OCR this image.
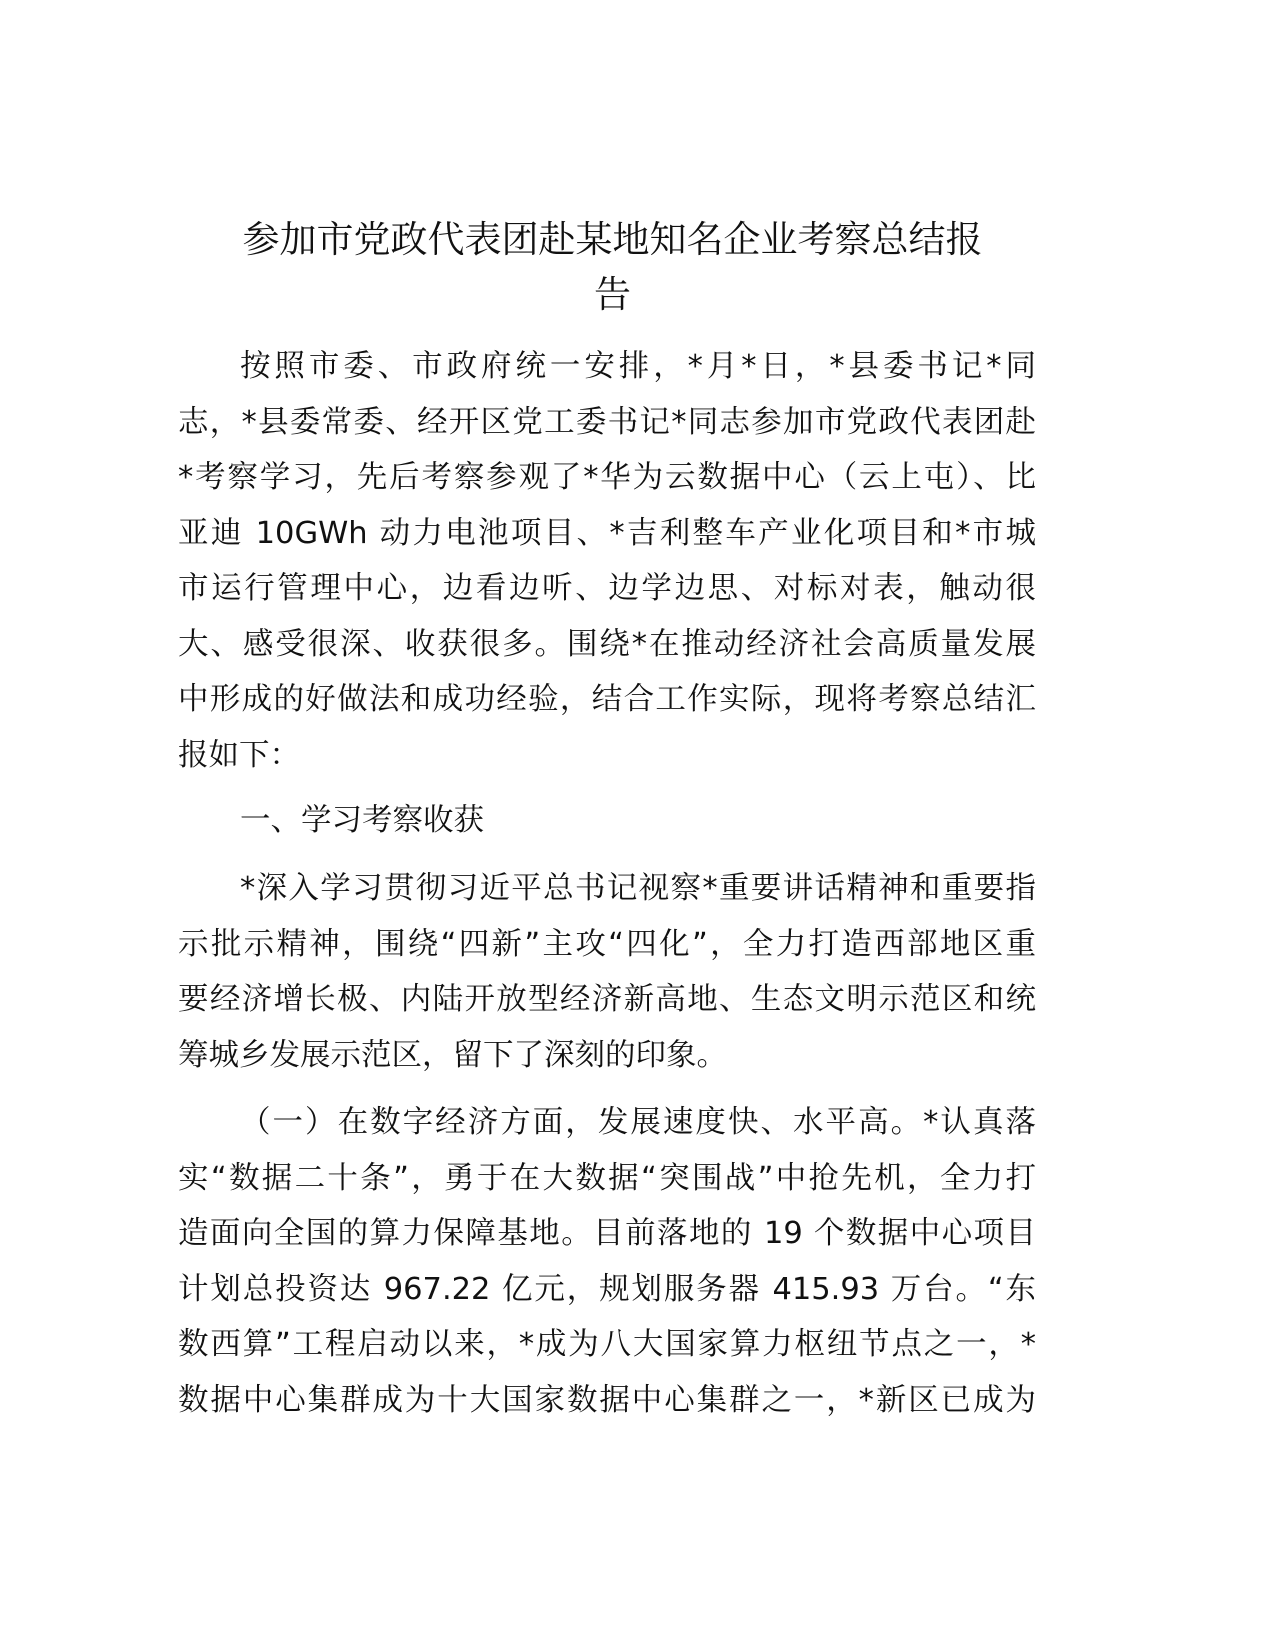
参加市党政代表团赴某地知名企业考察总结报
告
按照市委、市政府统一安排，*月*日，*县委书记*同
志，*县委常委、经开区党工委书记*同志参加市党政代表团赴
*考察学习，先后考察参观了*华为云数据中心（云上屯）、比
亚迪 10GWh 动力电池项目、*吉利整车产业化项目和*市城
市运行管理中心，边看边听、边学边思、对标对表，触动很
大、感受很深、收获很多。围绕*在推动经济社会高质量发展
中形成的好做法和成功经验，结合工作实际，现将考察总结汇
报如下：
一、学习考察收获
*深入学习贯彻习近平总书记视察*重要讲话精神和重要指
示批示精神，围绕“四新”主攻“四化”，全力打造西部地区重
要经济增长极、内陆开放型经济新高地、生态文明示范区和统
筹城乡发展示范区，留下了深刻的印象。
（一）在数字经济方面，发展速度快、水平高。*认真落
实“数据二十条”，勇于在大数据“突围战”中抢先机，全力打
造面向全国的算力保障基地。目前落地的 19 个数据中心项目
计划总投资达 967.22 亿元，规划服务器 415.93 万台。“东
数西算”工程启动以来，*成为八大国家算力枢纽节点之一，*
数据中心集群成为十大国家数据中心集群之一，*新区已成为
